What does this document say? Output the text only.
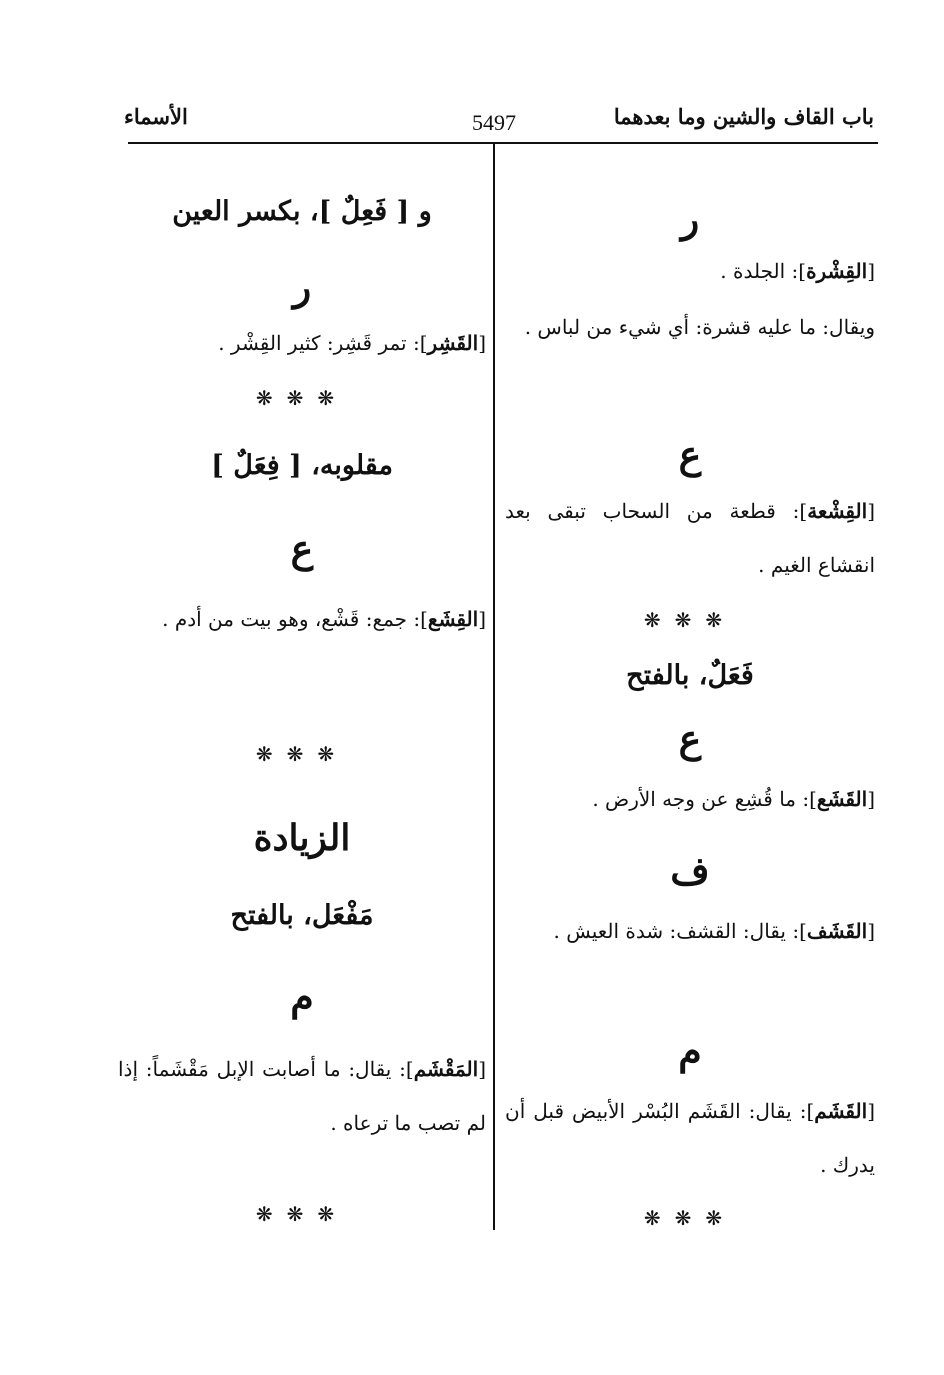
باب القاف والشين وما بعدهما
5497
الأسماء
ر
[القِشْرة]: الجلدة .
ويقال: ما عليه قشرة: أي شيء من لباس .
ع
[القِشْعة]: قطعة من السحاب تبقى بعد انقشاع الغيم .
❋❋❋
فَعَلٌ، بالفتح
ع
[القَشَع]: ما قُشِع عن وجه الأرض .
ف
[القَشَف]: يقال: القشف: شدة العيش .
م
[القَشَم]: يقال: القَشَم البُسْر الأبيض قبل أن يدرك .
❋❋❋
و [ فَعِلٌ ]، بكسر العين
ر
[القَشِر]: تمر قَشِر: كثير القِشْر .
❋❋❋
مقلوبه، [ فِعَلٌ ]
ع
[القِشَع]: جمع: قَشْع، وهو بيت من أدم .
❋❋❋
الزيادة
مَفْعَل، بالفتح
م
[المَقْشَم]: يقال: ما أصابت الإبل مَقْشَماً: إذا لم تصب ما ترعاه .
❋❋❋
